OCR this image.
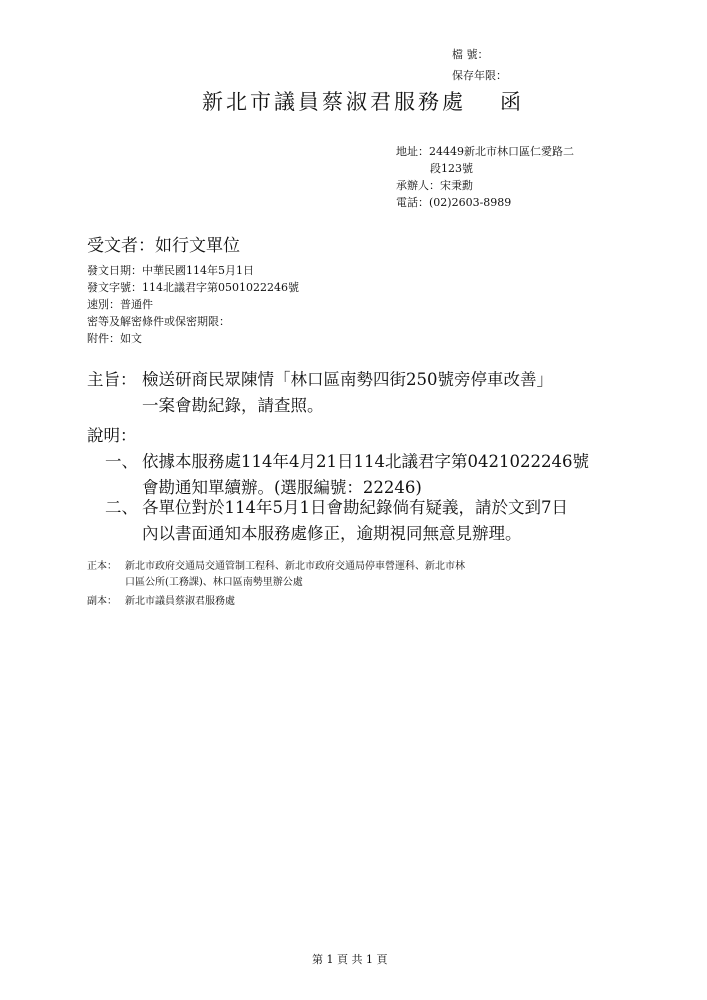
檔 號：
保存年限：
新北市議員蔡淑君服務處 函
地址：24449新北市林口區仁愛路二
段123號
承辦人：宋秉勳
電話：(02)2603-8989
受文者：如行文單位
發文日期：中華民國114年5月1日
發文字號：114北議君字第0501022246號
速別：普通件
密等及解密條件或保密期限：
附件：如文
主旨： 檢送研商民眾陳情「林口區南勢四街250號旁停車改善」
一案會勘紀錄，請查照。
說明：
一、 依據本服務處114年4月21日114北議君字第0421022246號
會勘通知單續辦。(選服編號：22246)
二、 各單位對於114年5月1日會勘紀錄倘有疑義，請於文到7日
內以書面通知本服務處修正，逾期視同無意見辦理。
正本： 新北市政府交通局交通管制工程科、新北市政府交通局停車營運科、新北市林
口區公所(工務課)、林口區南勢里辦公處
副本： 新北市議員蔡淑君服務處
第 1 頁 共 1 頁
